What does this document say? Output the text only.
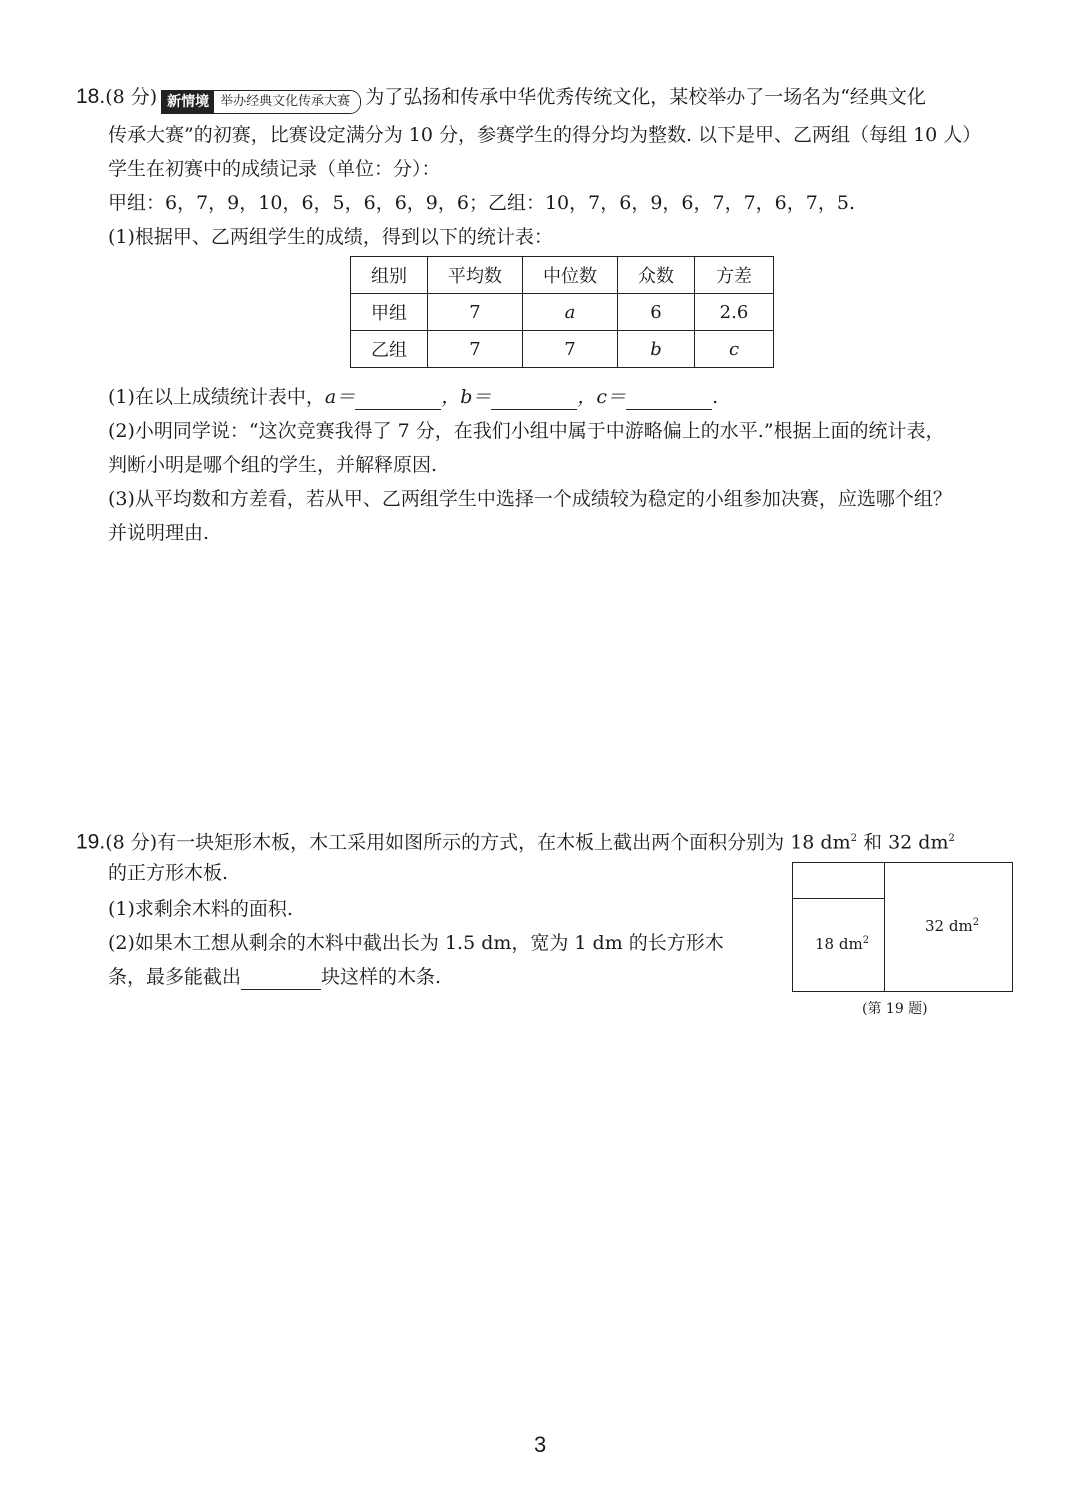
18.(8 分) 新情境 举办经典文化传承大赛 为了弘扬和传承中华优秀传统文化，某校举办了一场名为“经典文化
传承大赛”的初赛，比赛设定满分为 10 分，参赛学生的得分均为整数. 以下是甲、乙两组（每组 10 人）
学生在初赛中的成绩记录（单位：分）：
甲组：6，7，9，10，6，5，6，6，9，6；乙组：10，7，6，9，6，7，7，6，7，5.
(1)根据甲、乙两组学生的成绩，得到以下的统计表：
组别	平均数	中位数	众数	方差
甲组	7	a	6	2.6
乙组	7	7	b	c
(1)在以上成绩统计表中，a＝	，b＝	，c＝	.
(2)小明同学说：“这次竞赛我得了 7 分，在我们小组中属于中游略偏上的水平.”根据上面的统计表，
判断小明是哪个组的学生，并解释原因.
(3)从平均数和方差看，若从甲、乙两组学生中选择一个成绩较为稳定的小组参加决赛，应选哪个组？
并说明理由.
19.(8 分)有一块矩形木板，木工采用如图所示的方式，在木板上截出两个面积分别为 18 $dm^2$ 和 32 $dm^2$
的正方形木板.
(1)求剩余木料的面积.
(2)如果木工想从剩余的木料中截出长为 1.5 dm，宽为 1 dm 的长方形木
条，最多能截出	块这样的木条.
18 $dm^2$
32 $dm^2$
(第 19 题)
3
